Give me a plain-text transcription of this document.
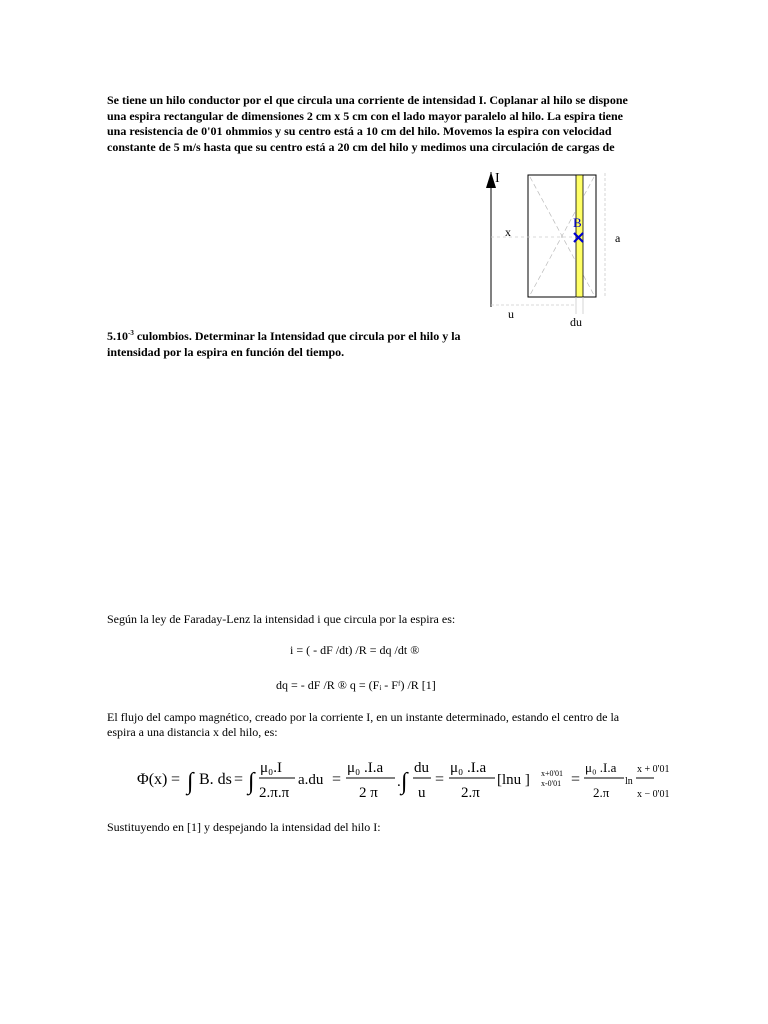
Se tiene un hilo conductor por el que circula una corriente de intensidad I. Coplanar al hilo se dispone
una espira rectangular de dimensiones 2 cm x 5 cm con el lado mayor paralelo al hilo. La espira tiene
una resistencia de 0'01 ohmmios y su centro está a 10 cm del hilo. Movemos la espira con velocidad
constante de 5 m/s hasta que su centro está a 20 cm del hilo y medimos una circulación de cargas de
I
B
x	a
u
du
$5.10^{-3}$ culombios. Determinar la Intensidad que circula por el hilo y la
intensidad por la espira en función del tiempo.
Según la ley de Faraday-Lenz la intensidad i que circula por la espira es:
i = ( - dF /dt) /R = dq /dt ®
dq = - dF /R ® q = (Fᵢ - Fᶠ) /R [1]
El flujo del campo magnético, creado por la corriente I, en un instante determinado, estando el centro de la
espira a una distancia x del hilo, es:
Φ(x) = ∫ B. ds = ∫
μ₀.I
2.π.π
a.du =
μ₀ .I.a
2 π
. ∫
du
u
=
μ₀ .I.a
2.π
[lnu ] x+0'01
x-0'01 =
μ₀ .I.a
2.π
ln
x + 0'01
x − 0'01
Sustituyendo en [1] y despejando la intensidad del hilo I:
